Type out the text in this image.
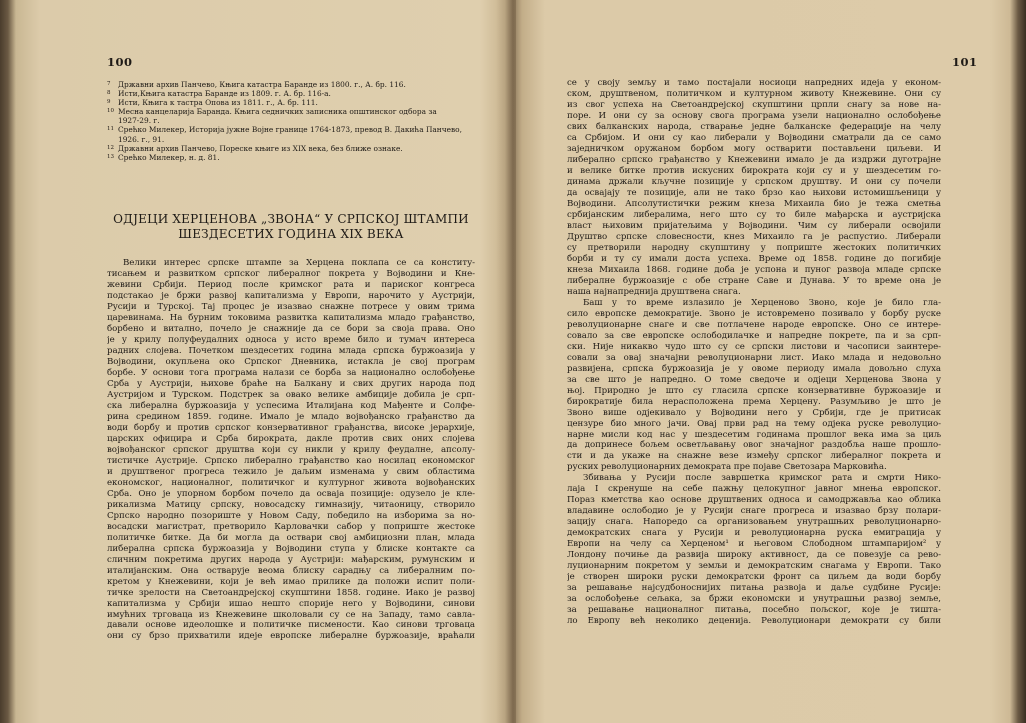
100
7 Државни архив Панчево, Књига катастра Баранде из 1800. г., А. бр. 116.
8 Исти,Књига катастра Баранде из 1809. г. А. бр. 116-а.
9 Исти, Књига к тастра Опова из 1811. г., А. бр. 111.
10 Месна канцеларија Баранда. Књига седничких записника општинског одбора за
1927-29. г.
11 Срећко Милекер, Историја јужне Војне границе 1764-1873, превод В. Дакића Панчево,
1926. г., 91.
12 Државни архив Панчево, Пореске књиге из XIX века, без ближе ознаке.
13 Срећко Милекер, н. д. 81.
ОДЈЕЦИ ХЕРЦЕНОВА „ЗВОНА“ У СРПСКОЈ ШТАМПИ
ШЕЗДЕСЕТИХ ГОДИНА XIX ВЕКА
Велики интерес српске штампе за Херцена поклапа се са конститу-
тисањем и развитком српског либералног покрета у Војводини и Кне-
жевини Србији. Период после кримског рата и париског конгреса
подстакао је бржи развој капитализма у Европи, нарочито у Аустрији,
Русији и Турској. Тај процес је изазвао снажне потресе у овим трима
царевинама. На бурним токовима развитка капитализма младо грађанство,
борбено и витално, почело је снажније да се бори за своја права. Оно
је у крилу полуфеудалних односа у исто време било и тумач интереса
радних слојева. Почетком шездесетих година млада српска буржоазија у
Војводини, окупљена око Српског Дневника, истакла је свој програм
борбе. У основи тога програма налази се борба за национално ослобођење
Срба у Аустрији, њихове браће на Балкану и свих других народа под
Аустријом и Турском. Подстрек за овако велике амбиције добила је срп-
ска либерална буржоазија у успесима Италијана код Мађенте и Солфе-
рина средином 1859. године. Имало је младо војвођанско грађанство да
води борбу и против српског конзервативног грађанства, високе јерархије,
царских официра и Срба бирократа, дакле против свих оних слојева
војвођанског српског друштва који су никли у крилу феудалне, апсолу-
тистичке Аустрије. Српско либерално грађанство као носилац економског
и друштвеног прогреса тежило је даљим изменама у свим областима
економског, националног, политичког и културног живота војвођанских
Срба. Оно је упорном борбом почело да осваја позиције: одузело је кле-
рикализма Матицу српску, новосадску гимназију, читаоницу, створило
Српско народно позориште у Новом Саду, победило на изборима за но-
восадски магистрат, претворило Карловачки сабор у поприште жестоке
политичке битке. Да би могла да оствари свој амбициозни план, млада
либерална српска буржоазија у Војводини ступа у блиске контакте са
сличним покретима других народа у Аустрији: мађарским, румунским и
италијанским. Она остварује веома блиску сарадњу са либералним по-
кретом у Кнежевини, који је већ имао прилике да положи испит поли-
тичке зрелости на Светоандрејској скупштини 1858. године. Иако је развој
капитализма у Србији ишао нешто спорије него у Војводини, синови
имућних трговаца из Кнежевине школовали су се на Западу, тамо савла-
давали основе идеолошке и политичке писмености. Као синови трговаца
они су брзо прихватили идеје европске либералне буржоазије, враћали
101
се у своју земљу и тамо постајали носиоци напредних идеја у економ-
ском, друштвеном, политичком и културном животу Кнежевине. Они су
из свог успеха на Светоандрејској скупштини црпли снагу за нове на-
поре. И они су за основу свога програма узели национално ослобођење
свих балканских народа, стварање једне балканске федерације на челу
са Србијом. И они су као либерали у Војводини сматрали да се само
заједничком оружаном борбом могу остварити постављени циљеви. И
либерално српско грађанство у Кнежевини имало је да издржи дуготрајне
и велике битке против искусних бирократа који су и у шездесетим го-
динама држали кључне позиције у српском друштву. И они су почели
да освајају те позиције, али не тако брзо као њихови истомишљеници у
Војводини. Апсолутистички режим кнеза Михаила био је тежа сметња
србијанским либералима, него што су то биле мађарска и аустријска
власт њиховим пријатељима у Војводини. Чим су либерали освојили
Друштво српске словесности, кнез Михаило га је распустио. Либерали
су претворили народну скупштину у поприште жестоких политичких
борби и ту су имали доста успеха. Време од 1858. године до погибије
кнеза Михаила 1868. године доба је успона и пуног развоја младе српске
либералне буржоазије с обе стране Саве и Дунава. У то време она је
наша најнапреднија друштвена снага.
Баш у то време излазило је Херценово Звоно, које је било гла-
сило европске демократије. Звоно је истовремено позивало у борбу руске
револуционарне снаге и све потлачене народе европске. Оно се интере-
совало за све европске ослободилачке и напредне покрете, па и за срп-
ски. Није никакво чудо што су се српски листови и часописи заинтере-
совали за овај значајни револуционарни лист. Иако млада и недовољно
развијена, српска буржоазија је у овоме периоду имала довољно слуха
за све што је напредно. О томе сведоче и одјеци Херценова Звона у
њој. Природно је што су гласила српске конзервативне буржоазије и
бирократије била нерасположена према Херцену. Разумљиво је што је
Звоно више одјекивало у Војводини него у Србији, где је притисак
цензуре био много јачи. Овај први рад на тему одјека руске револуцио-
нарне мисли код нас у шездесетим годинама прошлог века има за циљ
да допринесе бољем осветљавању овог значајног раздобља наше прошло-
сти и да укаже на снажне везе између српског либералног покрета и
руских револуционарних демократа пре појаве Светозара Марковића.
Збивања у Русији после завршетка кримског рата и смрти Нико-
лаја I скренуше на себе пажњу целокупног јавног мнења европског.
Пораз кметства као основе друштвених односа и самодржавља као облика
владавине ослободио је у Русији снаге прогреса и изазвао брзу полари-
зацију снага. Напоредо са организовањем унутрашњих револуционарно-
демократских снага у Русији и револуционарна руска емиграција у
Европи на челу са Херценом¹ и његовом Слободном штампаријом² у
Лондону почиње да развија широку активност, да се повезује са рево-
луционарним покретом у земљи и демократским снагама у Европи. Тако
је створен широки руски демократски фронт са циљем да води борбу
за решавање најсудбоноснијих питања развоја и даље судбине Русије:
за ослобођење сељака, за бржи економски и унутрашњи развој земље,
за решавање националног питања, посебно пољског, које је тишта-
ло Европу већ неколико деценија. Револуционари демократи су били
